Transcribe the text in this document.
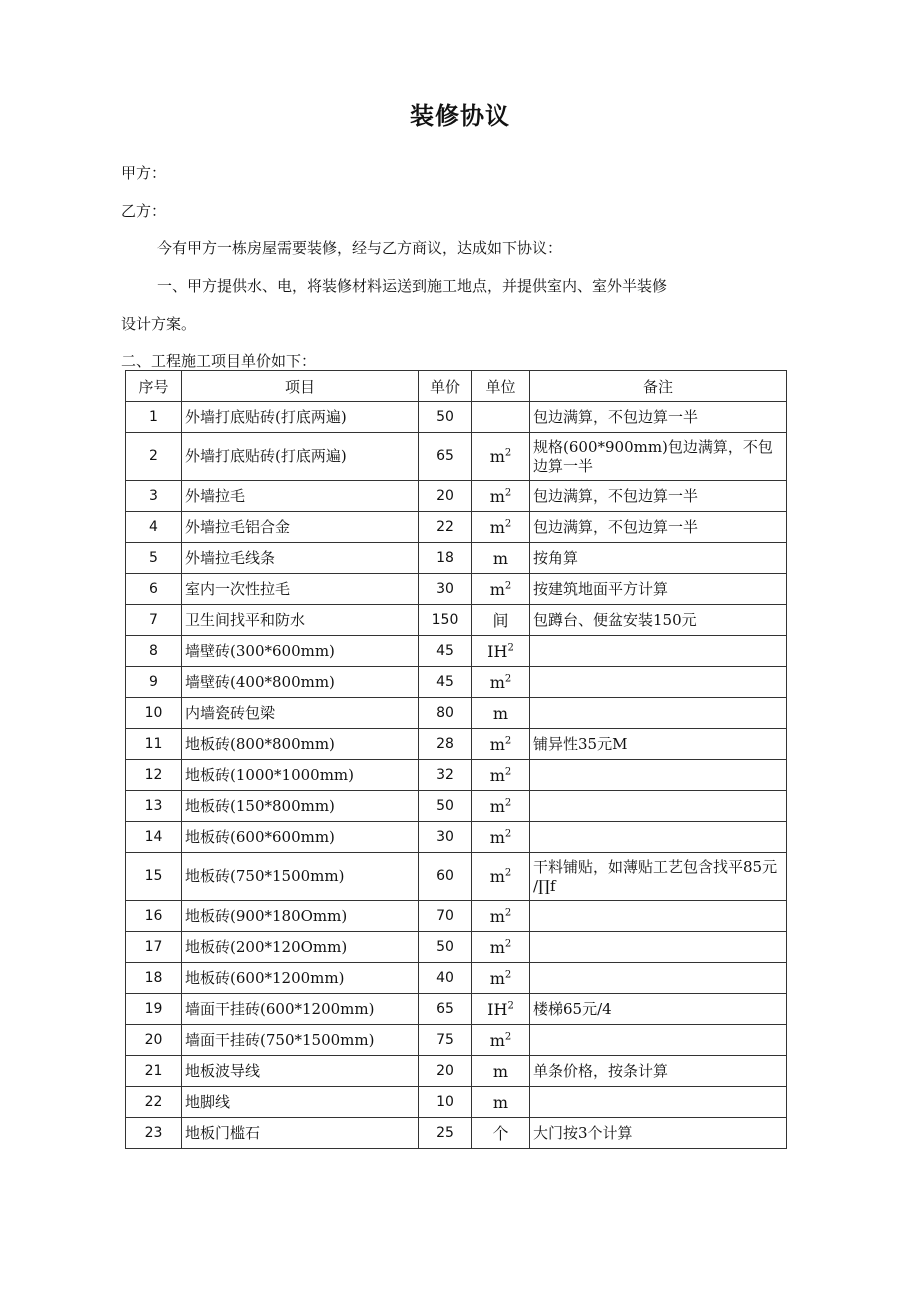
装修协议
甲方：
乙方：
今有甲方一栋房屋需要装修，经与乙方商议，达成如下协议：
一、甲方提供水、电，将装修材料运送到施工地点，并提供室内、室外半装修
设计方案。
二、工程施工项目单价如下：
序号	项目	单价	单位	备注
1	外墙打底贴砖(打底两遍)	50		包边满算，不包边算一半
2	外墙打底贴砖(打底两遍)	65	$m^2$	规格(600*900mm)包边满算，不包边算一半
3	外墙拉毛	20	$m^2$	包边满算，不包边算一半
4	外墙拉毛铝合金	22	$m^2$	包边满算，不包边算一半
5	外墙拉毛线条	18	m	按角算
6	室内一次性拉毛	30	$m^2$	按建筑地面平方计算
7	卫生间找平和防水	150	间	包蹲台、便盆安装150元
8	墙壁砖(300*600mm)	45	$IH^2$	
9	墙壁砖(400*800mm)	45	$m^2$	
10	内墙瓷砖包梁	80	m	
11	地板砖(800*800mm)	28	$m^2$	铺异性35元M
12	地板砖(1000*1000mm)	32	$m^2$	
13	地板砖(150*800mm)	50	$m^2$	
14	地板砖(600*600mm)	30	$m^2$	
15	地板砖(750*1500mm)	60	$m^2$	干料铺贴，如薄贴工艺包含找平85元∕∏f
16	地板砖(900*180Omm)	70	$m^2$	
17	地板砖(200*120Omm)	50	$m^2$	
18	地板砖(600*1200mm)	40	$m^2$	
19	墙面干挂砖(600*1200mm)	65	$IH^2$	楼梯65元/4
20	墙面干挂砖(750*1500mm)	75	$m^2$	
21	地板波导线	20	m	单条价格，按条计算
22	地脚线	10	m	
23	地板门槛石	25	个	大门按3个计算
